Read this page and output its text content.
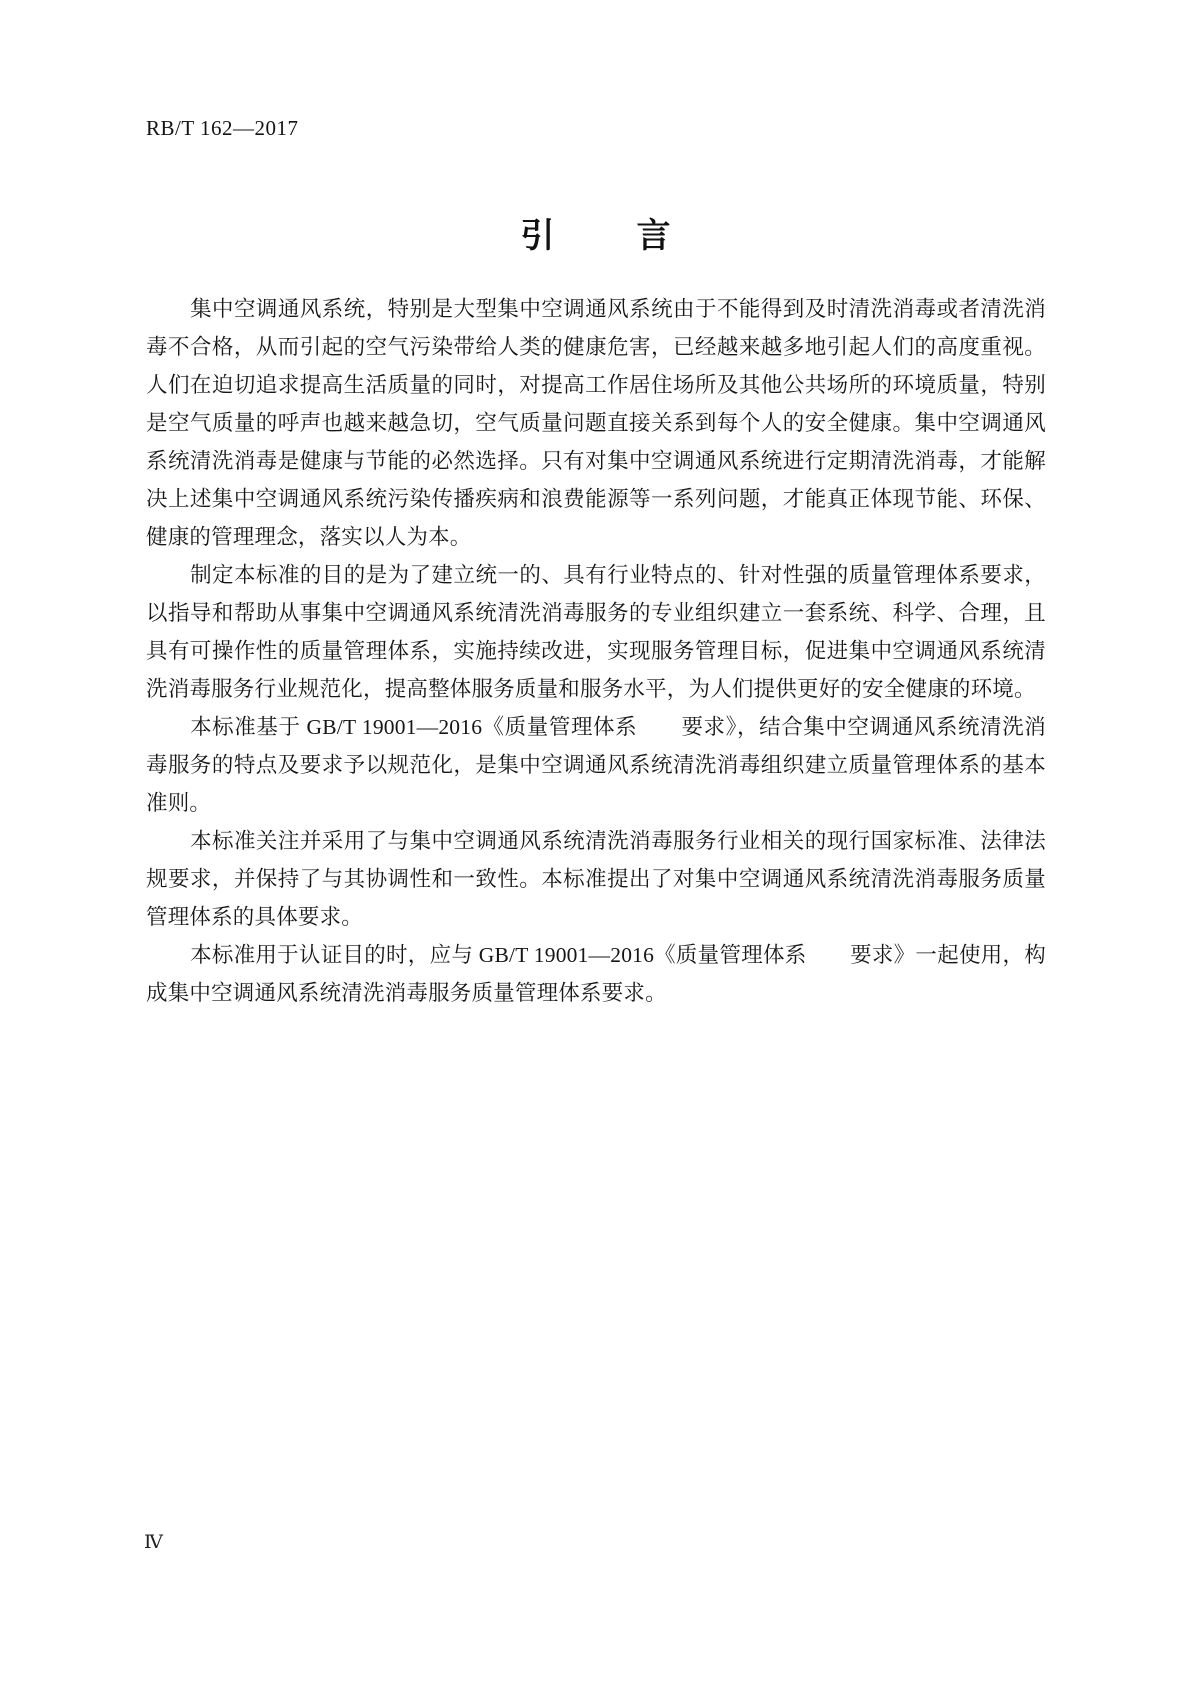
RB/T 162—2017
引　言

集中空调通风系统，特别是大型集中空调通风系统由于不能得到及时清洗消毒或者清洗消毒不合格，从而引起的空气污染带给人类的健康危害，已经越来越多地引起人们的高度重视。人们在迫切追求提高生活质量的同时，对提高工作居住场所及其他公共场所的环境质量，特别是空气质量的呼声也越来越急切，空气质量问题直接关系到每个人的安全健康。集中空调通风系统清洗消毒是健康与节能的必然选择。只有对集中空调通风系统进行定期清洗消毒，才能解决上述集中空调通风系统污染传播疾病和浪费能源等一系列问题，才能真正体现节能、环保、健康的管理理念，落实以人为本。

制定本标准的目的是为了建立统一的、具有行业特点的、针对性强的质量管理体系要求，以指导和帮助从事集中空调通风系统清洗消毒服务的专业组织建立一套系统、科学、合理，且具有可操作性的质量管理体系，实施持续改进，实现服务管理目标，促进集中空调通风系统清洗消毒服务行业规范化，提高整体服务质量和服务水平，为人们提供更好的安全健康的环境。

本标准基于 GB/T 19001—2016《质量管理体系　　要求》，结合集中空调通风系统清洗消毒服务的特点及要求予以规范化，是集中空调通风系统清洗消毒组织建立质量管理体系的基本准则。

本标准关注并采用了与集中空调通风系统清洗消毒服务行业相关的现行国家标准、法律法规要求，并保持了与其协调性和一致性。本标准提出了对集中空调通风系统清洗消毒服务质量管理体系的具体要求。

本标准用于认证目的时，应与 GB/T 19001—2016《质量管理体系　　要求》一起使用，构成集中空调通风系统清洗消毒服务质量管理体系要求。

Ⅳ
